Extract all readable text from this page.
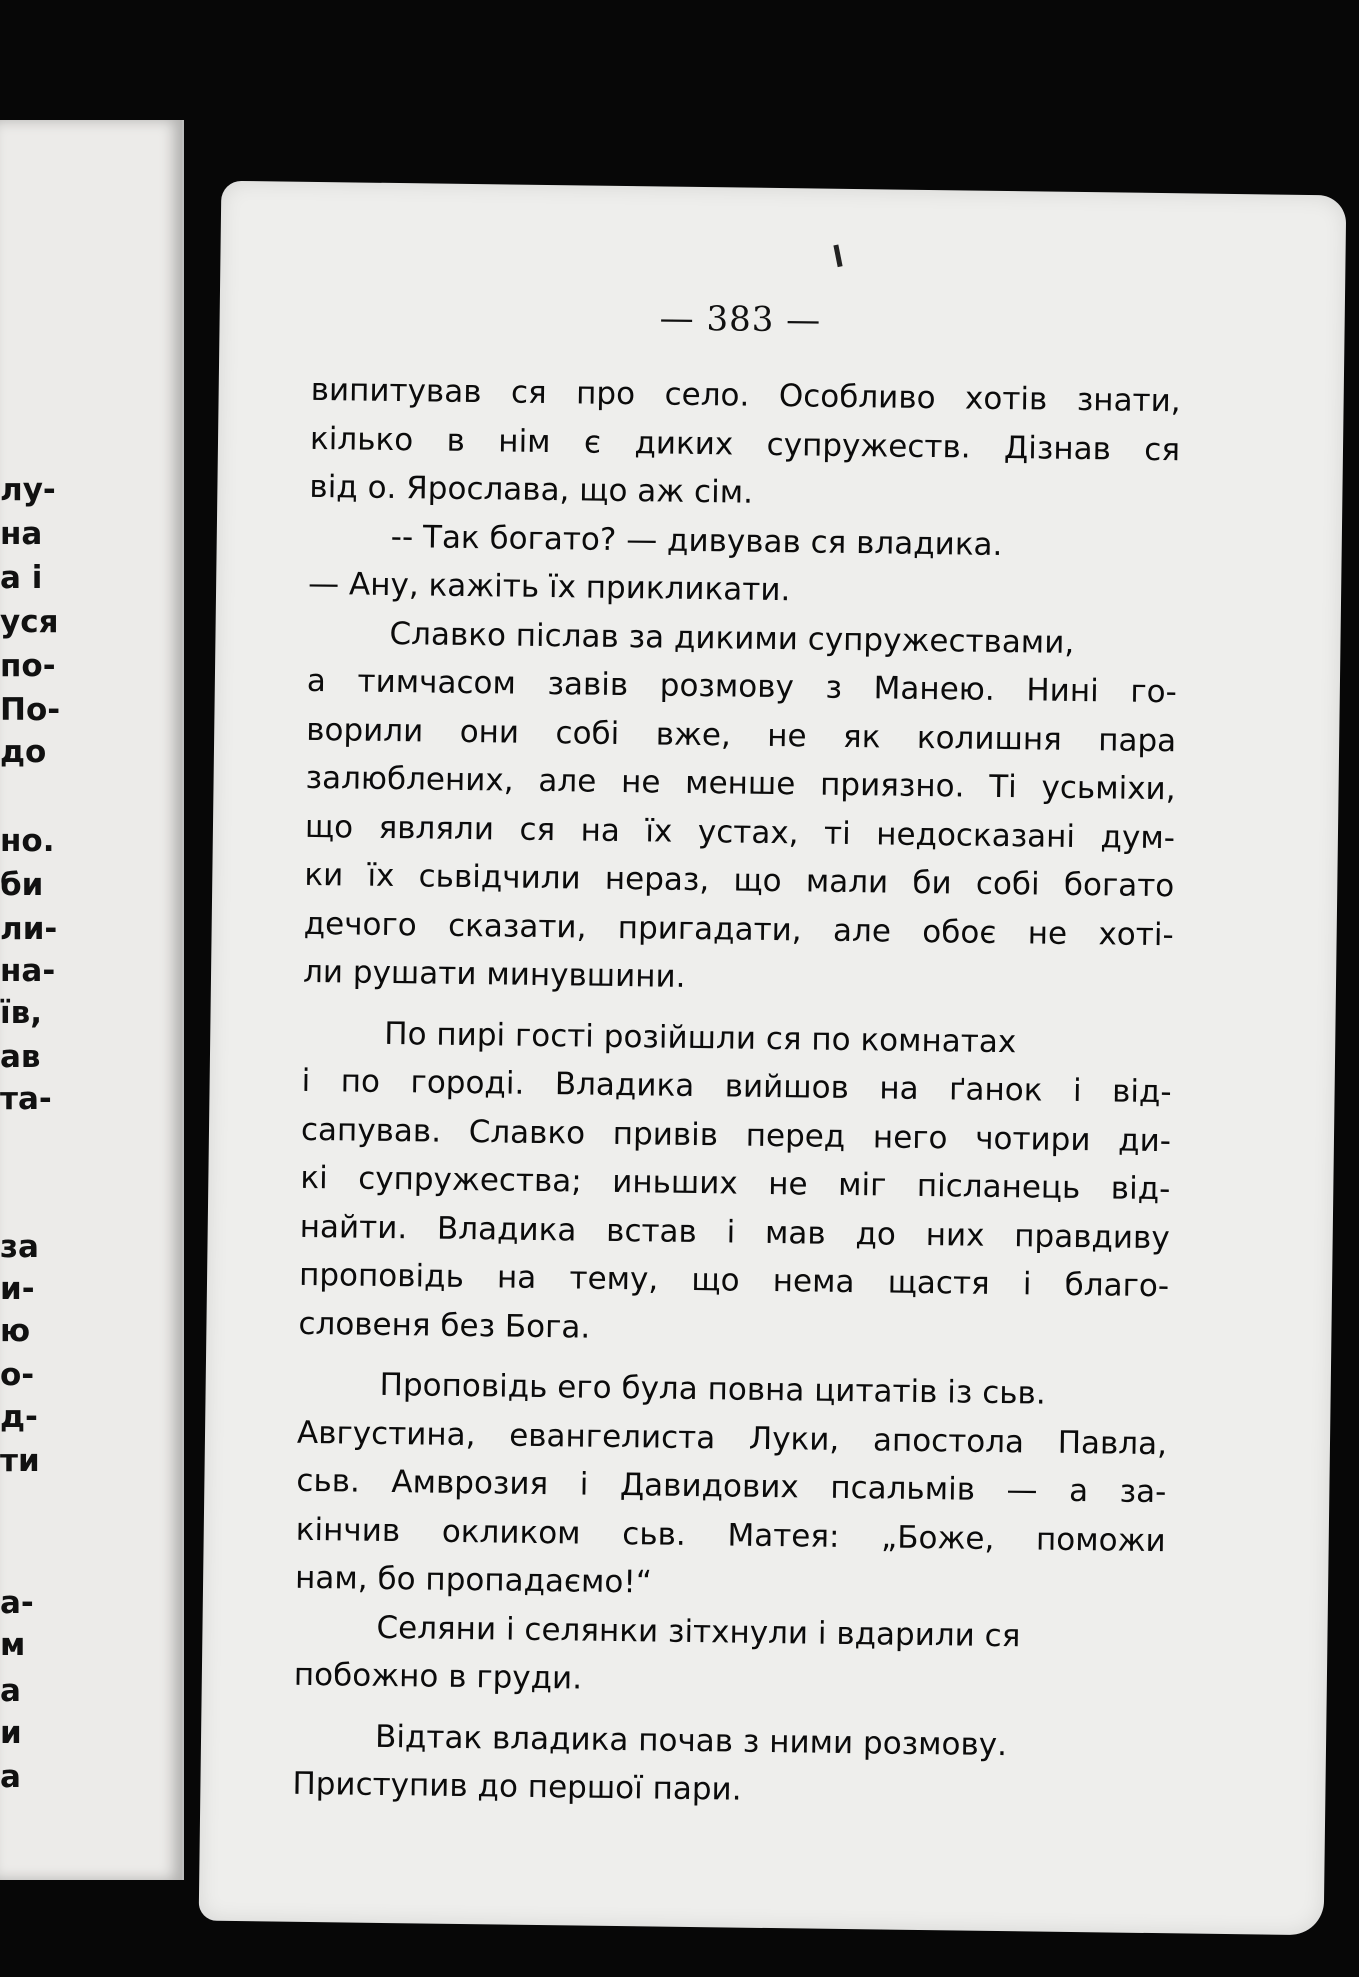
лу-
на
а і
уся
по-
По-
до
но.
би
ли-
на-
їв,
ав
та-
за
и-
ю
о-
д-
ти
а-
м
а
и
а
— 383 —
випитував ся про село. Особливо хотів знати,
кілько в нім є диких супружеств. Дізнав ся
від о. Ярослава, що аж сім.
-- Так богато? — дивував ся владика.
— Ану, кажіть їх прикликати.
Славко післав за дикими супружествами,
а тимчасом завів розмову з Манею. Нині го-
ворили они собі вже, не як колишня пара
залюблених, але не менше приязно. Ті усьміхи,
що являли ся на їх устах, ті недосказані дум-
ки їх сьвідчили нераз, що мали би собі богато
дечого сказати, пригадати, але обоє не хоті-
ли рушати минувшини.
По пирі гості розійшли ся по комнатах
і по городі. Владика вийшов на ґанок і від-
сапував. Славко привів перед него чотири ди-
кі супружества; иньших не міг післанець від-
найти. Владика встав і мав до них правдиву
проповідь на тему, що нема щастя і благо-
словеня без Бога.
Проповідь его була повна цитатів із сьв.
Августина, евангелиста Луки, апостола Павла,
сьв. Амврозия і Давидових псальмів — а за-
кінчив окликом сьв. Матея: „Боже, поможи
нам, бо пропадаємо!“
Селяни і селянки зітхнули і вдарили ся
побожно в груди.
Відтак владика почав з ними розмову.
Приступив до першої пари.
